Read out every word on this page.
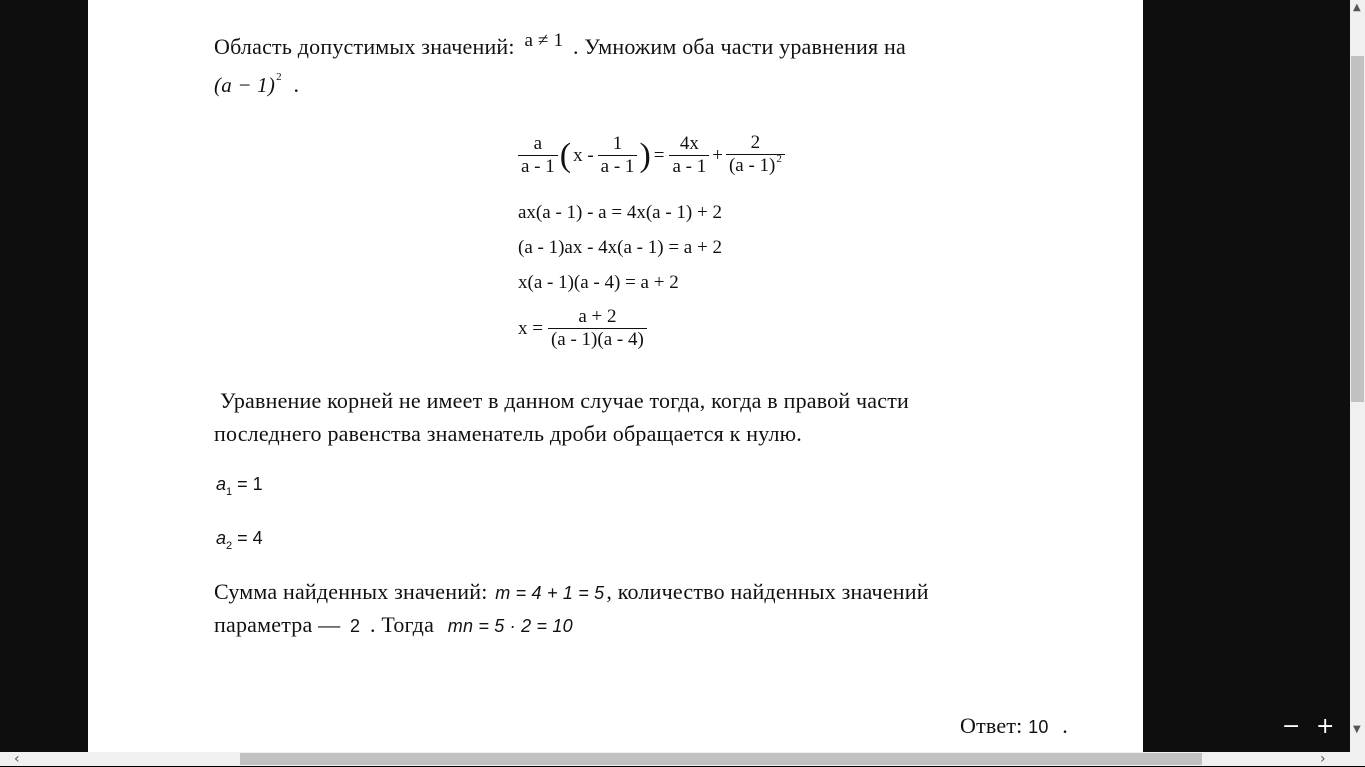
Область допустимых значений: a ≠ 1 . Умножим оба части уравнения на
$(a - 1)^2$ .
$\frac{a}{a - 1}$ ( x - $\frac{1}{a - 1}$ ) = $\frac{4x}{a - 1} + \frac{2}{(a - 1)^2}$
ax(a - 1) - a = 4x(a - 1) + 2
(a - 1)ax - 4x(a - 1) = a + 2
x(a - 1)(a - 4) = a + 2
$x = \frac{a + 2}{(a - 1)(a - 4)}$
Уравнение корней не имеет в данном случае тогда, когда в правой части
последнего равенства знаменатель дроби обращается к нулю.
$a_1 = 1$
$a_2 = 4$
Сумма найденных значений: m = 4 + 1 = 5, количество найденных значений
параметра — 2 . Тогда mn = 5 · 2 = 10
Ответ: 10 .	− +
▲
▼
‹	›
